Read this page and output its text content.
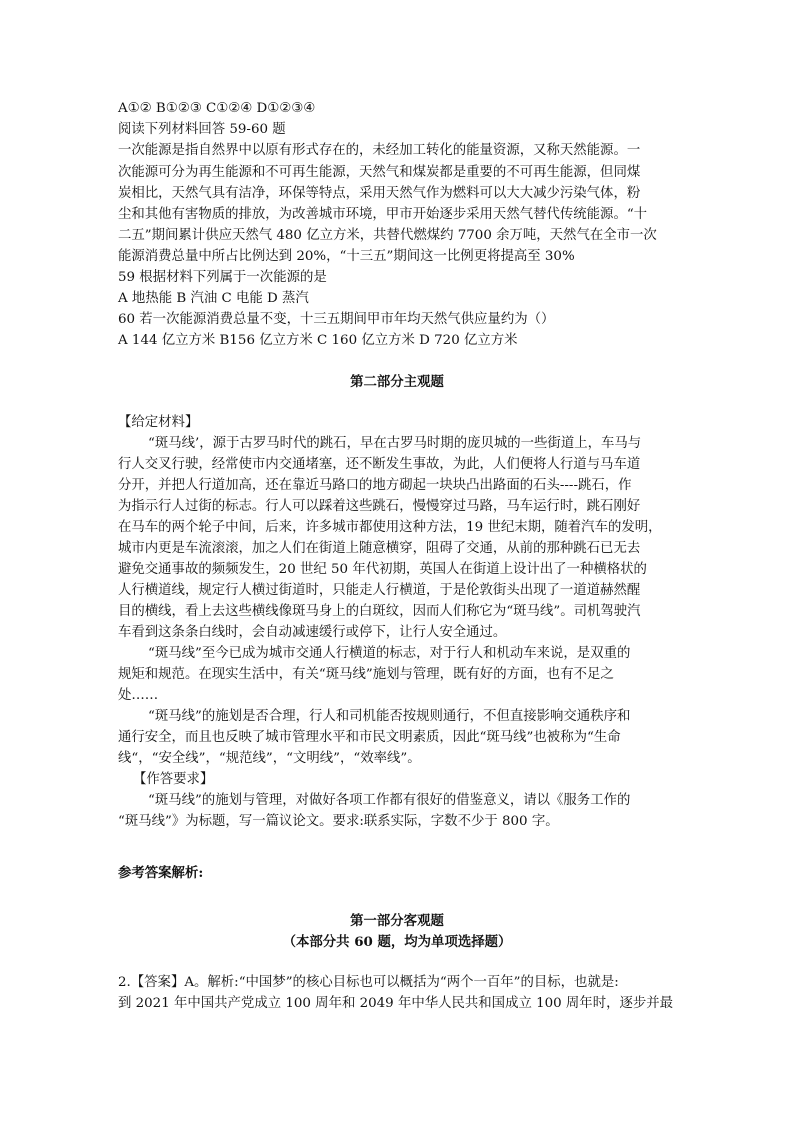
A①② B①②③ C①②④ D①②③④
阅读下列材料回答 59-60 题
一次能源是指自然界中以原有形式存在的，未经加工转化的能量资源，又称天然能源。一
次能源可分为再生能源和不可再生能源，天然气和煤炭都是重要的不可再生能源，但同煤
炭相比，天然气具有洁净，环保等特点，采用天然气作为燃料可以大大减少污染气体，粉
尘和其他有害物质的排放，为改善城市环境，甲市开始逐步采用天然气替代传统能源。“十
二五”期间累计供应天然气 480 亿立方米，共替代燃煤约 7700 余万吨，天然气在全市一次
能源消费总量中所占比例达到 20%，“十三五”期间这一比例更将提高至 30%
59 根据材料下列属于一次能源的是
A 地热能 B 汽油 C 电能 D 蒸汽
60 若一次能源消费总量不变，十三五期间甲市年均天然气供应量约为（）
A 144 亿立方米 B156 亿立方米 C 160 亿立方米 D 720 亿立方米
第二部分主观题
【给定材料】
“斑马线’，源于古罗马时代的跳石，早在古罗马时期的庞贝城的一些街道上，车马与
行人交叉行驶，经常使市内交通堵塞，还不断发生事故，为此，人们便将人行道与马车道
分开，并把人行道加高，还在靠近马路口的地方砌起一块块凸出路面的石头----跳石，作
为指示行人过街的标志。行人可以踩着这些跳石，慢慢穿过马路，马车运行时，跳石刚好
在马车的两个轮子中间，后来，许多城市都使用这种方法，19 世纪末期，随着汽车的发明，
城市内更是车流滚滚，加之人们在街道上随意横穿，阻碍了交通，从前的那种跳石已无去
避免交通事故的频频发生，20 世纪 50 年代初期，英国人在街道上设计出了一种横格状的
人行横道线，规定行人横过街道时，只能走人行横道，于是伦敦街头出现了一道道赫然醒
目的横线，看上去这些横线像斑马身上的白斑纹，因而人们称它为“斑马线”。司机驾驶汽
车看到这条条白线时，会自动减速缓行或停下，让行人安全通过。
“斑马线”至今已成为城市交通人行横道的标志，对于行人和机动车来说，是双重的
规矩和规范。在现实生活中，有关“斑马线”施划与管理，既有好的方面，也有不足之
处……
“斑马线”的施划是否合理，行人和司机能否按规则通行，不但直接影响交通秩序和
通行安全，而且也反映了城市管理水平和市民文明素质，因此“斑马线”也被称为“生命
线“，“安全线”，“规范线”，“文明线”，“效率线”。
【作答要求】
“斑马线”的施划与管理，对做好各项工作都有很好的借鉴意义，请以《服务工作的
“斑马线”》为标题，写一篇议论文。要求:联系实际，字数不少于 800 字。
参考答案解析:
第一部分客观题
（本部分共 60 题，均为单项选择题）
2.【答案】A。解析:“中国梦”的核心目标也可以概括为“两个一百年”的目标，也就是:
到 2021 年中国共产党成立 100 周年和 2049 年中华人民共和国成立 100 周年时，逐步并最
